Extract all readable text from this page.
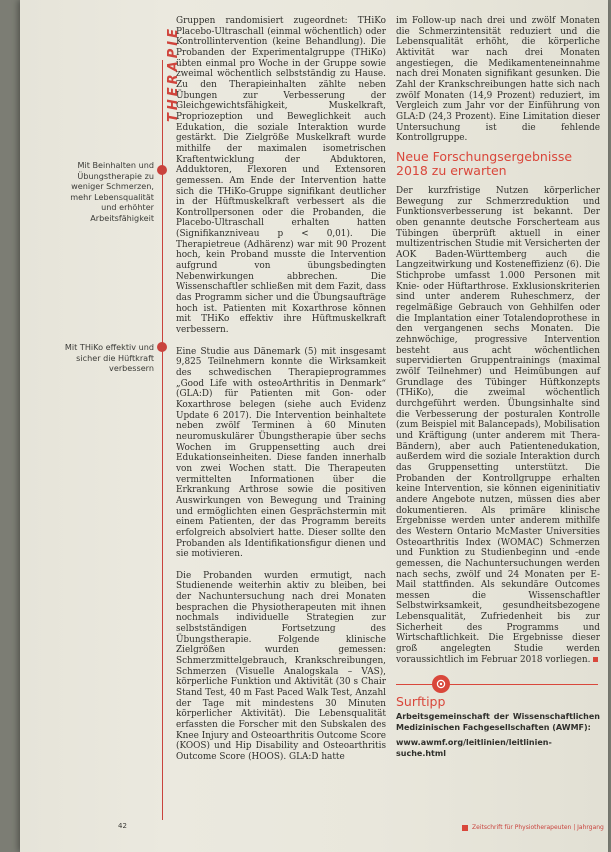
THERAPIE
Mit Beinhalten und Übungstherapie zu weniger Schmerzen, mehr Lebensqualität und erhöhter Arbeitsfähigkeit
Mit THiKo effektiv und sicher die Hüftkraft verbessern

Gruppen randomisiert zugeordnet: THiKo Placebo-Ultraschall (einmal wöchentlich) oder Kontrollintervention (keine Behandlung). Die Probanden der Experimentalgruppe (THiKo) übten einmal pro Woche in der Gruppe sowie zweimal wöchentlich selbstständig zu Hause. Zu den Therapieinhalten zählte neben Übungen zur Verbesserung der Gleichgewichtsfähigkeit, Muskelkraft, Propriozeption und Beweglichkeit auch Edukation, die soziale Interaktion wurde gestärkt. Die Zielgröße Muskelkraft wurde mithilfe der maximalen isometrischen Kraftentwicklung der Abduktoren, Adduktoren, Flexoren und Extensoren gemessen. Am Ende der Intervention hatte sich die THiKo-Gruppe signifikant deutlicher in der Hüftmuskelkraft verbessert als die Kontrollpersonen oder die Probanden, die Placebo-Ultraschall erhalten hatten (Signifikanzniveau p < 0,01). Die Therapietreue (Adhärenz) war mit 90 Prozent hoch, kein Proband musste die Intervention aufgrund von übungsbedingten Nebenwirkungen abbrechen. Die Wissenschaftler schließen mit dem Fazit, dass das Programm sicher und die Übungsaufträge hoch ist. Patienten mit Koxarthrose können mit THiKo effektiv ihre Hüftmuskelkraft verbessern.

Eine Studie aus Dänemark (5) mit insgesamt 9,825 Teilnehmern konnte die Wirksamkeit des schwedischen Therapieprogrammes „Good Life with osteoArthritis in Denmark“ (GLA:D) für Patienten mit Gon- oder Koxarthrose belegen (siehe auch Evidenz Update 6 2017). Die Intervention beinhaltete neben zwölf Terminen à 60 Minuten neuromuskulärer Übungstherapie über sechs Wochen im Gruppensetting auch drei Edukationseinheiten. Diese fanden innerhalb von zwei Wochen statt. Die Therapeuten vermittelten Informationen über die Erkrankung Arthrose sowie die positiven Auswirkungen von Bewegung und Training und ermöglichten einen Gesprächstermin mit einem Patienten, der das Programm bereits erfolgreich absolviert hatte. Dieser sollte den Probanden als Identifikationsfigur dienen und sie motivieren.

Die Probanden wurden ermutigt, nach Studienende weiterhin aktiv zu bleiben, bei der Nachuntersuchung nach drei Monaten besprachen die Physiotherapeuten mit ihnen nochmals individuelle Strategien zur selbstständigen Fortsetzung des Übungstherapie. Folgende klinische Zielgrößen wurden gemessen: Schmerzmittelgebrauch, Krankschreibungen, Schmerzen (Visuelle Analogskala – VAS), körperliche Funktion und Aktivität (30 s Chair Stand Test, 40 m Fast Paced Walk Test, Anzahl der Tage mit mindestens 30 Minuten körperlicher Aktivität). Die Lebensqualität erfassten die Forscher mit den Subskalen des Knee Injury and Osteoarthritis Outcome Score (KOOS) und Hip Disability and Osteoarthritis Outcome Score (HOOS). GLA:D hatte

im Follow-up nach drei und zwölf Monaten die Schmerzintensität reduziert und die Lebensqualität erhöht, die körperliche Aktivität war nach drei Monaten angestiegen, die Medikamenteneinnahme nach drei Monaten signifikant gesunken. Die Zahl der Krankschreibungen hatte sich nach zwölf Monaten (14,9 Prozent) reduziert, im Vergleich zum Jahr vor der Einführung von GLA:D (24,3 Prozent). Eine Limitation dieser Untersuchung ist die fehlende Kontrollgruppe.

Neue Forschungsergebnisse 2018 zu erwarten

Der kurzfristige Nutzen körperlicher Bewegung zur Schmerzreduktion und Funktionsverbesserung ist bekannt. Der oben genannte deutsche Forscherteam aus Tübingen überprüft aktuell in einer multizentrischen Studie mit Versicherten der AOK Baden-Württemberg auch die Langzeitwirkung und Kosteneffizienz (6). Die Stichprobe umfasst 1.000 Personen mit Knie- oder Hüftarthrose. Exklusionskriterien sind unter anderem Ruheschmerz, der regelmäßige Gebrauch von Gehhilfen oder die Implantation einer Totalendoprothese in den vergangenen sechs Monaten. Die zehnwöchige, progressive Intervention besteht aus acht wöchentlichen supervidierten Gruppentrainings (maximal zwölf Teilnehmer) und Heimübungen auf Grundlage des Tübinger Hüftkonzepts (THiKo), die zweimal wöchentlich durchgeführt werden. Übungsinhalte sind die Verbesserung der posturalen Kontrolle (zum Beispiel mit Balancepads), Mobilisation und Kräftigung (unter anderem mit Thera-Bändern), aber auch Patientenedukation, außerdem wird die soziale Interaktion durch das Gruppensetting unterstützt. Die Probanden der Kontrollgruppe erhalten keine Intervention, sie können eigeninitiativ andere Angebote nutzen, müssen dies aber dokumentieren. Als primäre klinische Ergebnisse werden unter anderem mithilfe des Western Ontario McMaster Universities Osteoarthritis Index (WOMAC) Schmerzen und Funktion zu Studienbeginn und -ende gemessen, die Nachuntersuchungen werden nach sechs, zwölf und 24 Monaten per E-Mail stattfinden. Als sekundäre Outcomes messen die Wissenschaftler Selbstwirksamkeit, gesundheitsbezogene Lebensqualität, Zufriedenheit bis zur Sicherheit des Programms und Wirtschaftlichkeit. Die Ergebnisse dieser groß angelegten Studie werden voraussichtlich im Februar 2018 vorliegen.

Surftipp
Arbeitsgemeinschaft der Wissenschaftlichen Medizinischen Fachgesellschaften (AWMF):
www.awmf.org/leitlinien/leitlinien-suche.html
42	Zeitschrift für Physiotherapeuten | Jahrgang
